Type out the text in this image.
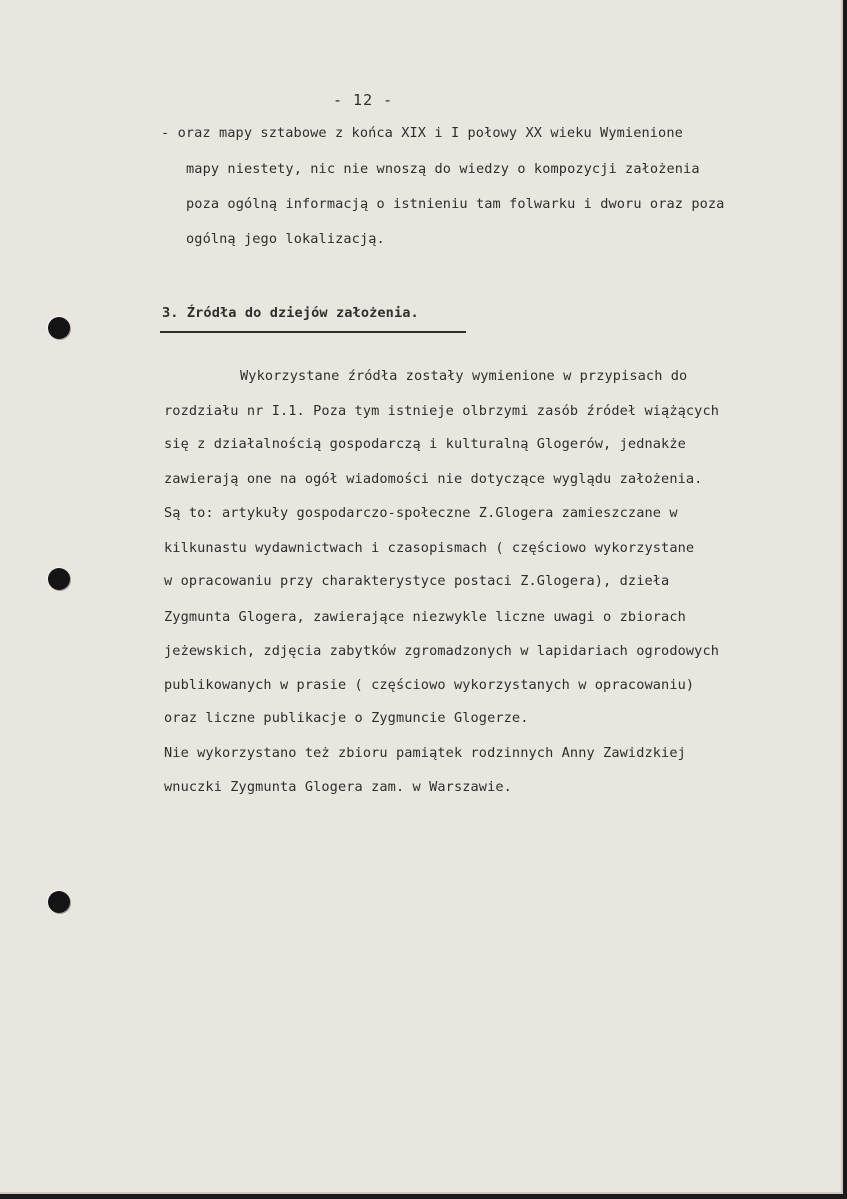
- 12 -

- oraz mapy sztabowe z końca XIX i I połowy XX wieku Wymienione

mapy niestety, nic nie wnoszą do wiedzy o kompozycji założenia

poza ogólną informacją o istnieniu tam folwarku i dworu oraz poza

ogólną jego lokalizacją.

3. Źródła do dziejów założenia.

Wykorzystane źródła zostały wymienione w przypisach do

rozdziału nr I.1. Poza tym istnieje olbrzymi zasób źródeł wiążących

się z działalnością gospodarczą i kulturalną Glogerów, jednakże

zawierają one na ogół wiadomości nie dotyczące wyglądu założenia.

Są to: artykuły gospodarczo-społeczne Z.Glogera zamieszczane w

kilkunastu wydawnictwach i czasopismach ( częściowo wykorzystane

w opracowaniu przy charakterystyce postaci Z.Glogera), dzieła

Zygmunta Glogera, zawierające niezwykle liczne uwagi o zbiorach

jeżewskich, zdjęcia zabytków zgromadzonych w lapidariach ogrodowych

publikowanych w prasie ( częściowo wykorzystanych w opracowaniu)

oraz liczne publikacje o Zygmuncie Glogerze.

Nie wykorzystano też zbioru pamiątek rodzinnych Anny Zawidzkiej

wnuczki Zygmunta Glogera zam. w Warszawie.
